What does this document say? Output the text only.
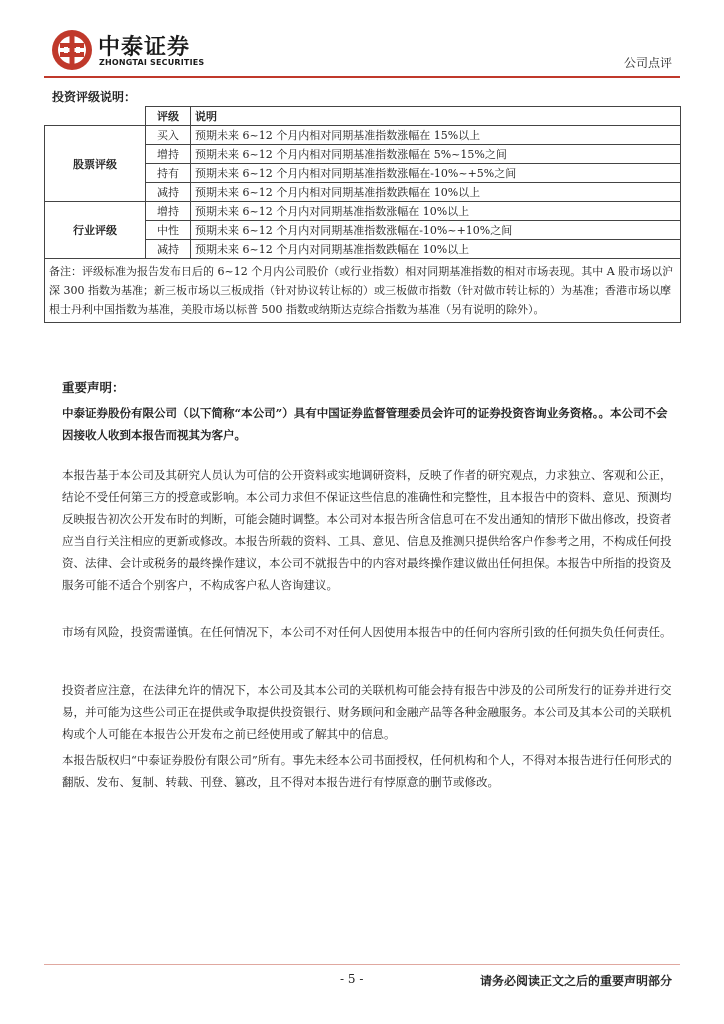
中泰证券
ZHONGTAI SECURITIES	公司点评
投资评级说明：
	评级	说明
股票评级	买入	预期未来 6~12 个月内相对同期基准指数涨幅在 15%以上
	增持	预期未来 6~12 个月内相对同期基准指数涨幅在 5%~15%之间
	持有	预期未来 6~12 个月内相对同期基准指数涨幅在-10%~+5%之间
	减持	预期未来 6~12 个月内相对同期基准指数跌幅在 10%以上
行业评级	增持	预期未来 6~12 个月内对同期基准指数涨幅在 10%以上
	中性	预期未来 6~12 个月内对同期基准指数涨幅在-10%~+10%之间
	减持	预期未来 6~12 个月内对同期基准指数跌幅在 10%以上
备注：评级标准为报告发布日后的 6~12 个月内公司股价（或行业指数）相对同期基准指数的相对市场表现。其中 A 股市场以沪深 300 指数为基准；新三板市场以三板成指（针对协议转让标的）或三板做市指数（针对做市转让标的）为基准；香港市场以摩根士丹利中国指数为基准，美股市场以标普 500 指数或纳斯达克综合指数为基准（另有说明的除外）。		
重要声明：
中泰证券股份有限公司（以下简称“本公司”）具有中国证券监督管理委员会许可的证券投资咨询业务资格。。本公司不会因接收人收到本报告而视其为客户。
本报告基于本公司及其研究人员认为可信的公开资料或实地调研资料，反映了作者的研究观点，力求独立、客观和公正，结论不受任何第三方的授意或影响。本公司力求但不保证这些信息的准确性和完整性，且本报告中的资料、意见、预测均反映报告初次公开发布时的判断，可能会随时调整。本公司对本报告所含信息可在不发出通知的情形下做出修改，投资者应当自行关注相应的更新或修改。本报告所载的资料、工具、意见、信息及推测只提供给客户作参考之用，不构成任何投资、法律、会计或税务的最终操作建议，本公司不就报告中的内容对最终操作建议做出任何担保。本报告中所指的投资及服务可能不适合个别客户，不构成客户私人咨询建议。
市场有风险，投资需谨慎。在任何情况下，本公司不对任何人因使用本报告中的任何内容所引致的任何损失负任何责任。
投资者应注意，在法律允许的情况下，本公司及其本公司的关联机构可能会持有报告中涉及的公司所发行的证券并进行交易，并可能为这些公司正在提供或争取提供投资银行、财务顾问和金融产品等各种金融服务。本公司及其本公司的关联机构或个人可能在本报告公开发布之前已经使用或了解其中的信息。
本报告版权归“中泰证券股份有限公司”所有。事先未经本公司书面授权，任何机构和个人，不得对本报告进行任何形式的翻版、发布、复制、转载、刊登、篡改，且不得对本报告进行有悖原意的删节或修改。
- 5 -	请务必阅读正文之后的重要声明部分
